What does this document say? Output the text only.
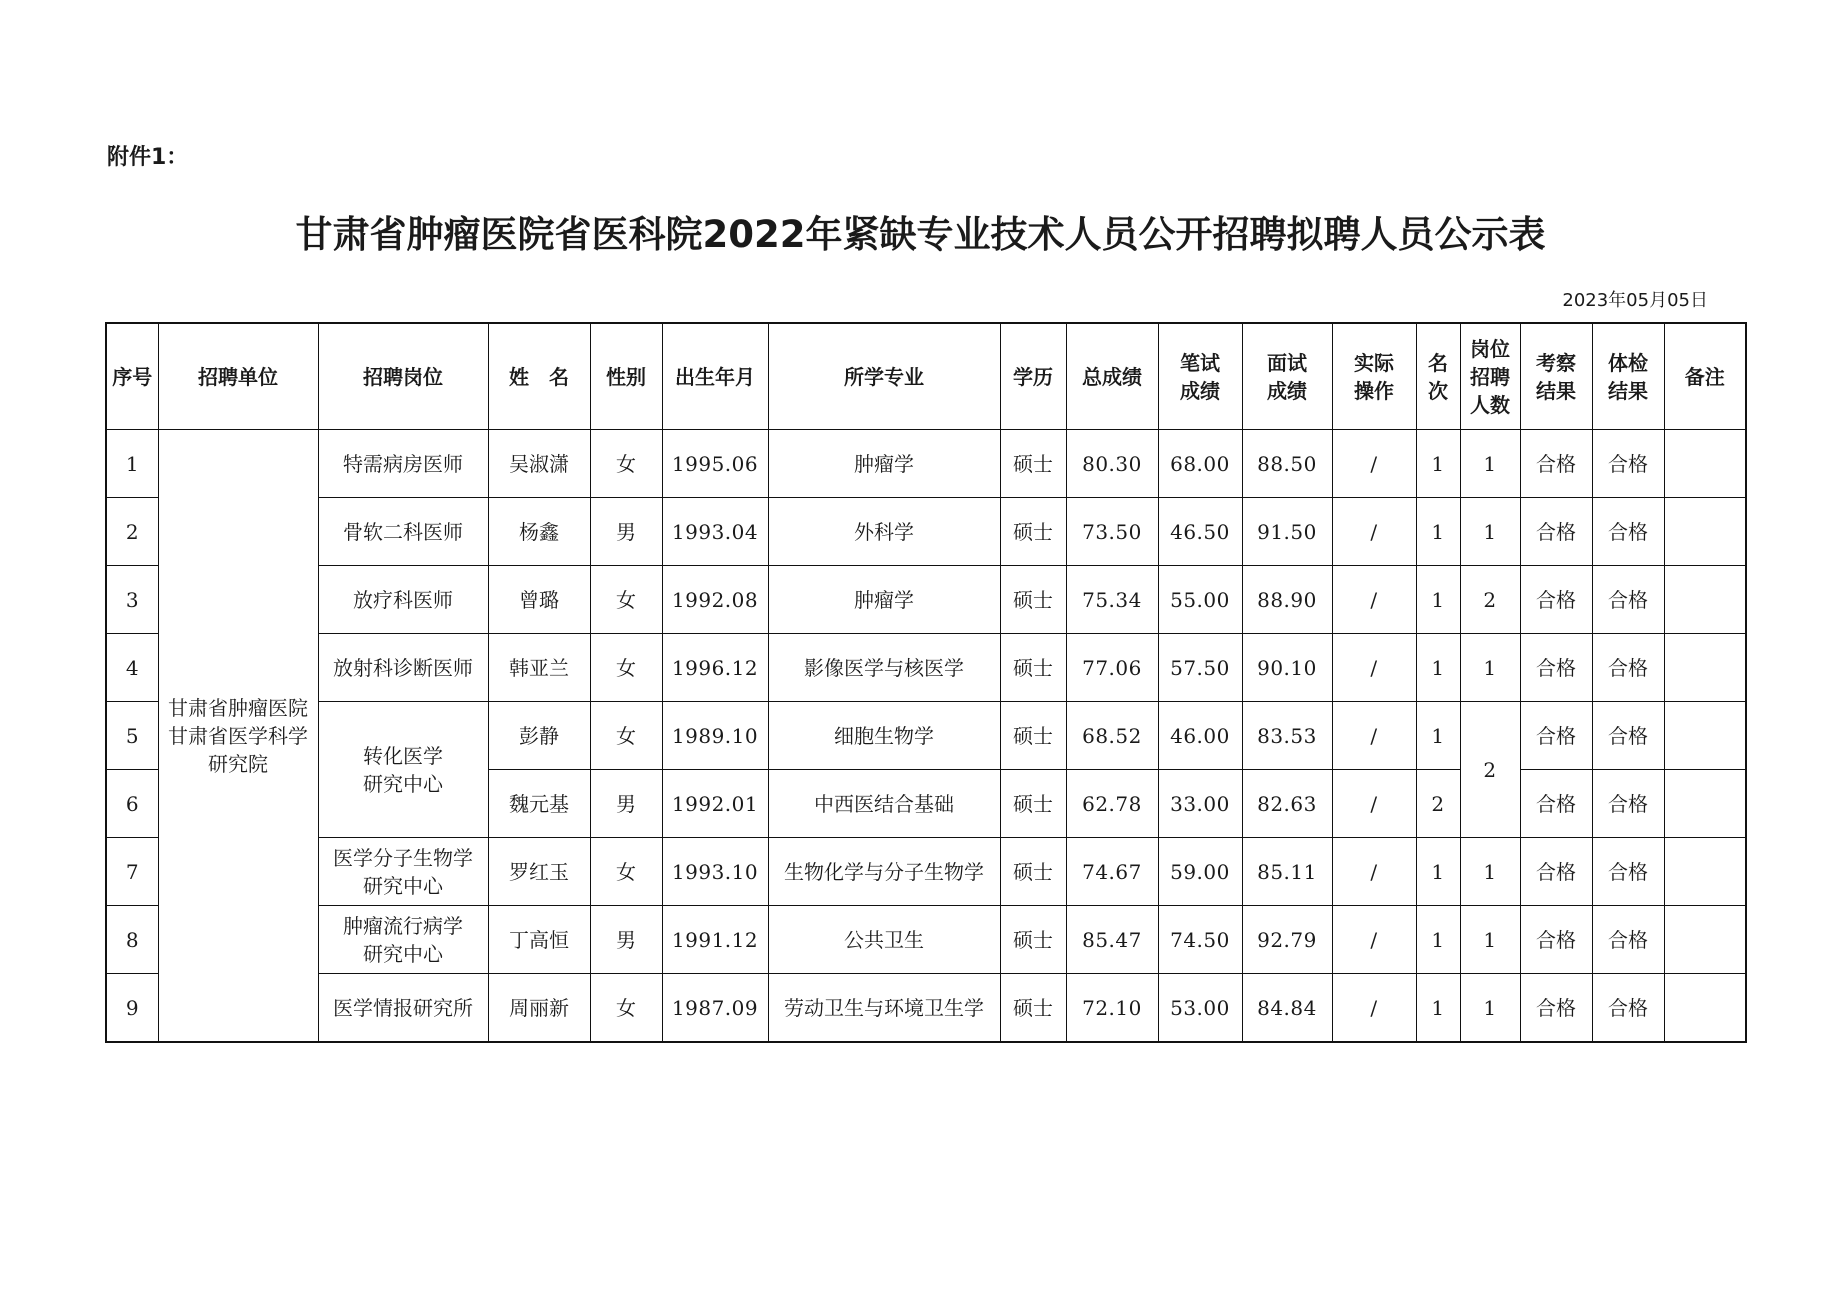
附件1：
甘肃省肿瘤医院省医科院2022年紧缺专业技术人员公开招聘拟聘人员公示表
2023年05月05日
序号	招聘单位	招聘岗位	姓　名	性别	出生年月	所学专业	学历	总成绩	笔试
成绩	面试
成绩	实际
操作	名
次	岗位
招聘
人数	考察
结果	体检
结果	备注
1	甘肃省肿瘤医院
甘肃省医学科学
研究院	特需病房医师	吴淑潇	女	1995.06	肿瘤学	硕士	80.30	68.00	88.50	/	1	1	合格	合格	
2		骨软二科医师	杨鑫	男	1993.04	外科学	硕士	73.50	46.50	91.50	/	1	1	合格	合格	
3		放疗科医师	曾璐	女	1992.08	肿瘤学	硕士	75.34	55.00	88.90	/	1	2	合格	合格	
4		放射科诊断医师	韩亚兰	女	1996.12	影像医学与核医学	硕士	77.06	57.50	90.10	/	1	1	合格	合格	
5		转化医学
研究中心	彭静	女	1989.10	细胞生物学	硕士	68.52	46.00	83.53	/	1	2	合格	合格	
6			魏元基	男	1992.01	中西医结合基础	硕士	62.78	33.00	82.63	/	2		合格	合格	
7		医学分子生物学
研究中心	罗红玉	女	1993.10	生物化学与分子生物学	硕士	74.67	59.00	85.11	/	1	1	合格	合格	
8		肿瘤流行病学
研究中心	丁高恒	男	1991.12	公共卫生	硕士	85.47	74.50	92.79	/	1	1	合格	合格	
9		医学情报研究所	周丽新	女	1987.09	劳动卫生与环境卫生学	硕士	72.10	53.00	84.84	/	1	1	合格	合格	
